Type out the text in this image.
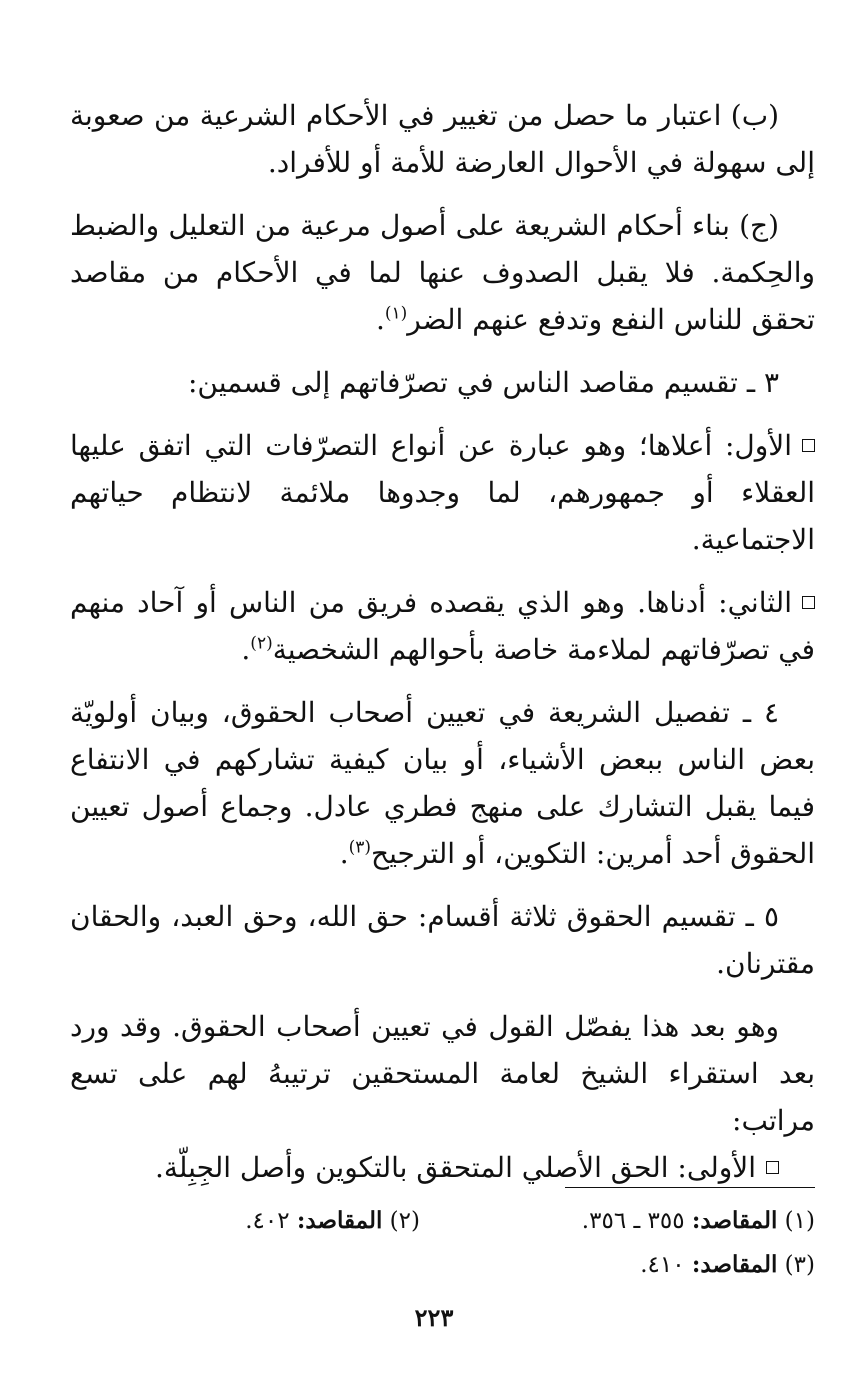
(ب) اعتبار ما حصل من تغيير في الأحكام الشرعية من صعوبة إلى سهولة في الأحوال العارضة للأمة أو للأفراد.

(ج) بناء أحكام الشريعة على أصول مرعية من التعليل والضبط والحِكمة. فلا يقبل الصدوف عنها لما في الأحكام من مقاصد تحقق للناس النفع وتدفع عنهم الضر$^{(١)}$.

٣ ـ تقسيم مقاصد الناس في تصرّفاتهم إلى قسمين:

الأول: أعلاها؛ وهو عبارة عن أنواع التصرّفات التي اتفق عليها العقلاء أو جمهورهم، لما وجدوها ملائمة لانتظام حياتهم الاجتماعية.

الثاني: أدناها. وهو الذي يقصده فريق من الناس أو آحاد منهم في تصرّفاتهم لملاءمة خاصة بأحوالهم الشخصية$^{(٢)}$.

٤ ـ تفصيل الشريعة في تعيين أصحاب الحقوق، وبيان أولويّة بعض الناس ببعض الأشياء، أو بيان كيفية تشاركهم في الانتفاع فيما يقبل التشارك على منهج فطري عادل. وجماع أصول تعيين الحقوق أحد أمرين: التكوين، أو الترجيح$^{(٣)}$.

٥ ـ تقسيم الحقوق ثلاثة أقسام: حق الله، وحق العبد، والحقان مقترنان.

وهو بعد هذا يفصّل القول في تعيين أصحاب الحقوق. وقد ورد بعد استقراء الشيخ لعامة المستحقين ترتيبهُ لهم على تسع مراتب:

الأولى: الحق الأصلي المتحقق بالتكوين وأصل الجِبِلّة.

(١) المقاصد: ٣٥٥ ـ ٣٥٦.
(٢) المقاصد: ٤٠٢.
(٣) المقاصد: ٤١٠.
٢٢٣
